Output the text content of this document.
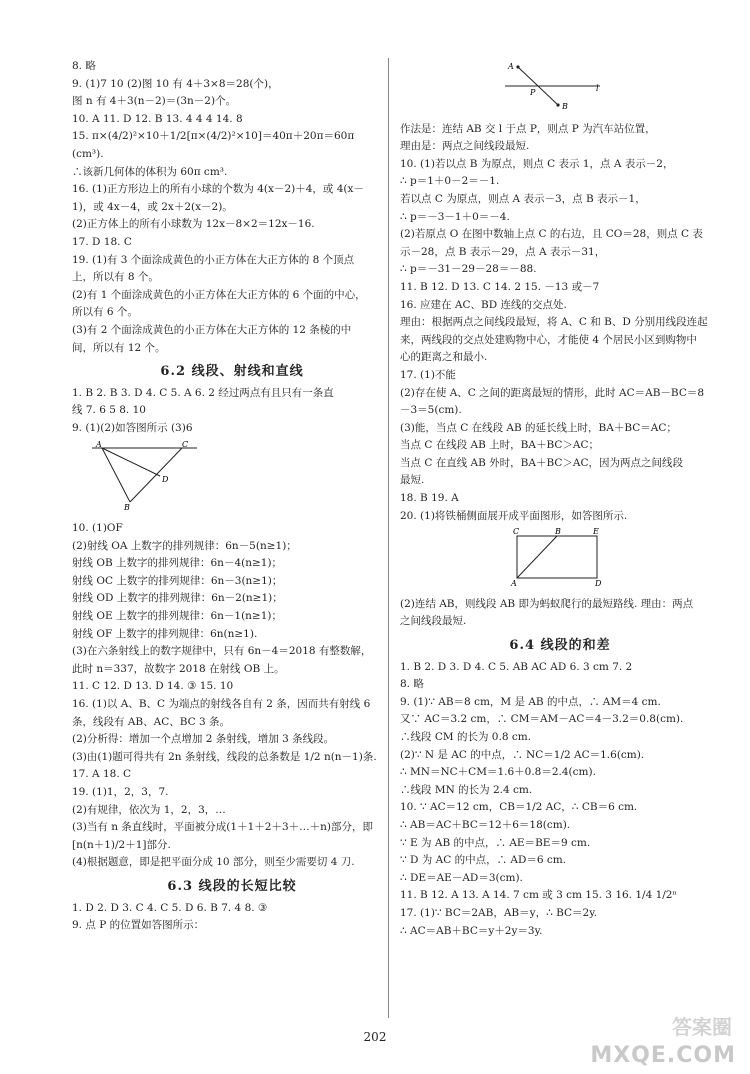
8. 略
9. (1)7 10 (2)图 10 有 4＋3×8＝28(个)，
图 n 有 4＋3(n－2)＝(3n－2)个。
10. A 11. D 12. B 13. 4 4 4 14. 8
15. π×(4/2)²×10＋1/2[π×(4/2)²×10]＝40π＋20π＝60π
(cm³).
∴该新几何体的体积为 60π cm³.
16. (1)正方形边上的所有小球的个数为 4(x－2)＋4，或 4(x－
1)，或 4x－4，或 2x＋2(x－2)。
(2)正方体上的所有小球数为 12x－8×2＝12x－16.
17. D 18. C
19. (1)有 3 个面涂成黄色的小正方体在大正方体的 8 个顶点
上，所以有 8 个。
(2)有 1 个面涂成黄色的小正方体在大正方体的 6 个面的中心，
所以有 6 个。
(3)有 2 个面涂成黄色的小正方体在大正方体的 12 条棱的中
间，所以有 12 个。
6.2 线段、射线和直线
1. B 2. B 3. D 4. C 5. A 6. 2 经过两点有且只有一条直
线 7. 6 5 8. 10
9. (1)(2)如答图所示 (3)6
A	C
D
B
10. (1)OF
(2)射线 OA 上数字的排列规律：6n－5(n≥1)；
射线 OB 上数字的排列规律：6n－4(n≥1)；
射线 OC 上数字的排列规律：6n－3(n≥1)；
射线 OD 上数字的排列规律：6n－2(n≥1)；
射线 OE 上数字的排列规律：6n－1(n≥1)；
射线 OF 上数字的排列规律：6n(n≥1).
(3)在六条射线上的数字规律中，只有 6n－4＝2018 有整数解，
此时 n＝337，故数字 2018 在射线 OB 上。
11. C 12. D 13. D 14. ③ 15. 10
16. (1)以 A、B、C 为端点的射线各自有 2 条，因而共有射线 6
条，线段有 AB、AC、BC 3 条。
(2)分析得：增加一个点增加 2 条射线，增加 3 条线段。
(3)由(1)题可得共有 2n 条射线，线段的总条数是 1/2 n(n－1)条.
17. A 18. C
19. (1)1，2，3，7.
(2)有规律，依次为 1，2，3，…
(3)当有 n 条直线时，平面被分成(1＋1＋2＋3＋…＋n)部分，即
[n(n＋1)/2＋1]部分.
(4)根据题意，即是把平面分成 10 部分，则至少需要切 4 刀.
6.3 线段的长短比较
1. D 2. D 3. C 4. C 5. D 6. B 7. 4 8. ③
9. 点 P 的位置如答图所示：
A
P
B
l
作法是：连结 AB 交 l 于点 P，则点 P 为汽车站位置，
理由是：两点之间线段最短.
10. (1)若以点 B 为原点，则点 C 表示 1，点 A 表示－2，
∴ p＝1＋0－2＝－1.
若以点 C 为原点，则点 A 表示－3，点 B 表示－1，
∴ p＝－3－1＋0＝－4.
(2)若原点 O 在图中数轴上点 C 的右边，且 CO＝28，则点 C 表
示－28，点 B 表示－29，点 A 表示－31，
∴ p＝－31－29－28＝－88.
11. B 12. D 13. C 14. 2 15. －13 或－7
16. 应建在 AC、BD 连线的交点处.
理由：根据两点之间线段最短，将 A、C 和 B、D 分别用线段连起
来，两线段的交点处建购物中心，才能使 4 个居民小区到购物中
心的距离之和最小.
17. (1)不能
(2)存在使 A、C 之间的距离最短的情形，此时 AC＝AB－BC＝8
－3＝5(cm).
(3)能，当点 C 在线段 AB 的延长线上时，BA＋BC＝AC；
当点 C 在线段 AB 上时，BA＋BC＞AC；
当点 C 在直线 AB 外时，BA＋BC＞AC，因为两点之间线段
最短.
18. B 19. A
20. (1)将铁桶侧面展开成平面图形，如答图所示.
C	B	E
A	D
(2)连结 AB，则线段 AB 即为蚂蚁爬行的最短路线. 理由：两点
之间线段最短.
6.4 线段的和差
1. B 2. D 3. D 4. C 5. AB AC AD 6. 3 cm 7. 2
8. 略
9. (1)∵ AB＝8 cm，M 是 AB 的中点，∴ AM＝4 cm.
又∵ AC＝3.2 cm，∴ CM＝AM－AC＝4－3.2＝0.8(cm).
∴线段 CM 的长为 0.8 cm.
(2)∵ N 是 AC 的中点，∴ NC＝1/2 AC＝1.6(cm).
∴ MN＝NC＋CM＝1.6＋0.8＝2.4(cm).
∴线段 MN 的长为 2.4 cm.
10. ∵ AC＝12 cm，CB＝1/2 AC，∴ CB＝6 cm.
∴ AB＝AC＋BC＝12＋6＝18(cm).
∵ E 为 AB 的中点，∴ AE＝BE＝9 cm.
∵ D 为 AC 的中点，∴ AD＝6 cm.
∴ DE＝AE－AD＝3(cm).
11. B 12. A 13. A 14. 7 cm 或 3 cm 15. 3 16. 1/4 1/2ⁿ
17. (1)∵ BC＝2AB，AB＝y，∴ BC＝2y.
∴ AC＝AB＋BC＝y＋2y＝3y.
202	答案圈
MXQE.COM
